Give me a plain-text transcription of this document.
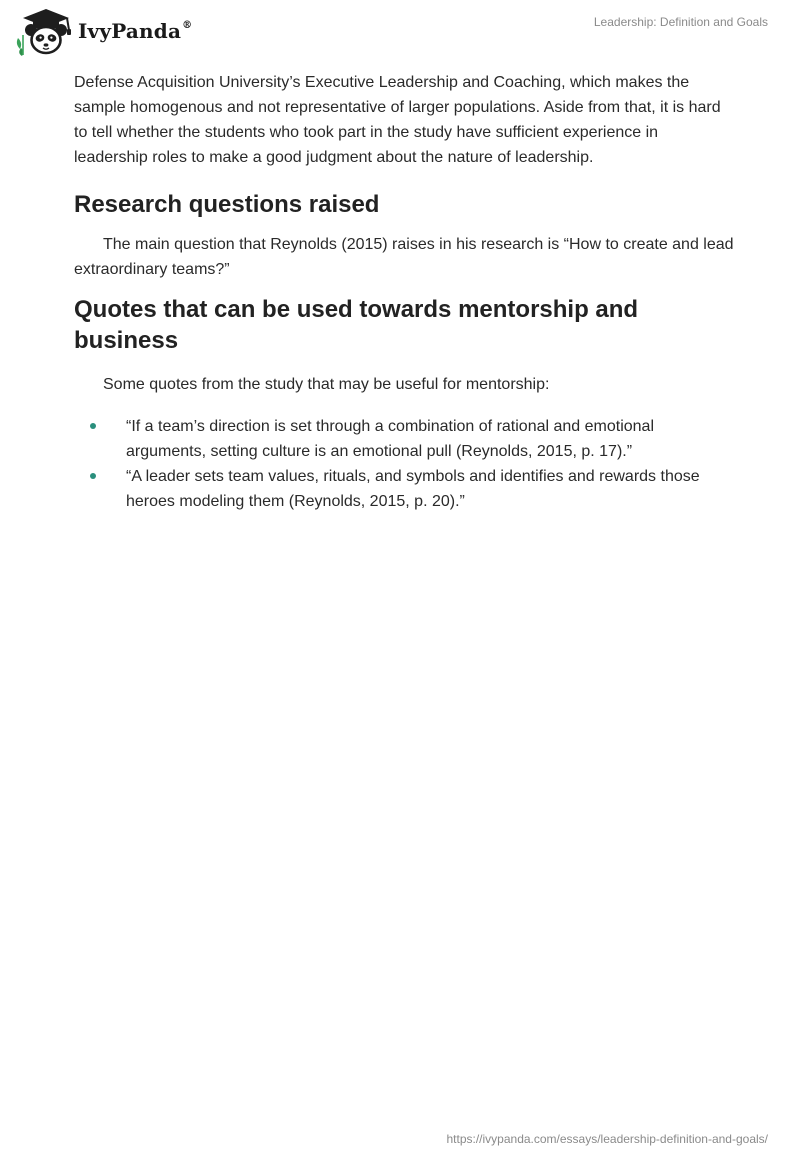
IvyPanda®	Leadership: Definition and Goals

Defense Acquisition University’s Executive Leadership and Coaching, which makes the sample homogenous and not representative of larger populations. Aside from that, it is hard to tell whether the students who took part in the study have sufficient experience in leadership roles to make a good judgment about the nature of leadership.

Research questions raised

The main question that Reynolds (2015) raises in his research is “How to create and lead extraordinary teams?”

Quotes that can be used towards mentorship and business

Some quotes from the study that may be useful for mentorship:

“If a team’s direction is set through a combination of rational and emotional arguments, setting culture is an emotional pull (Reynolds, 2015, p. 17).”
“A leader sets team values, rituals, and symbols and identifies and rewards those heroes modeling them (Reynolds, 2015, p. 20).”
https://ivypanda.com/essays/leadership-definition-and-goals/
